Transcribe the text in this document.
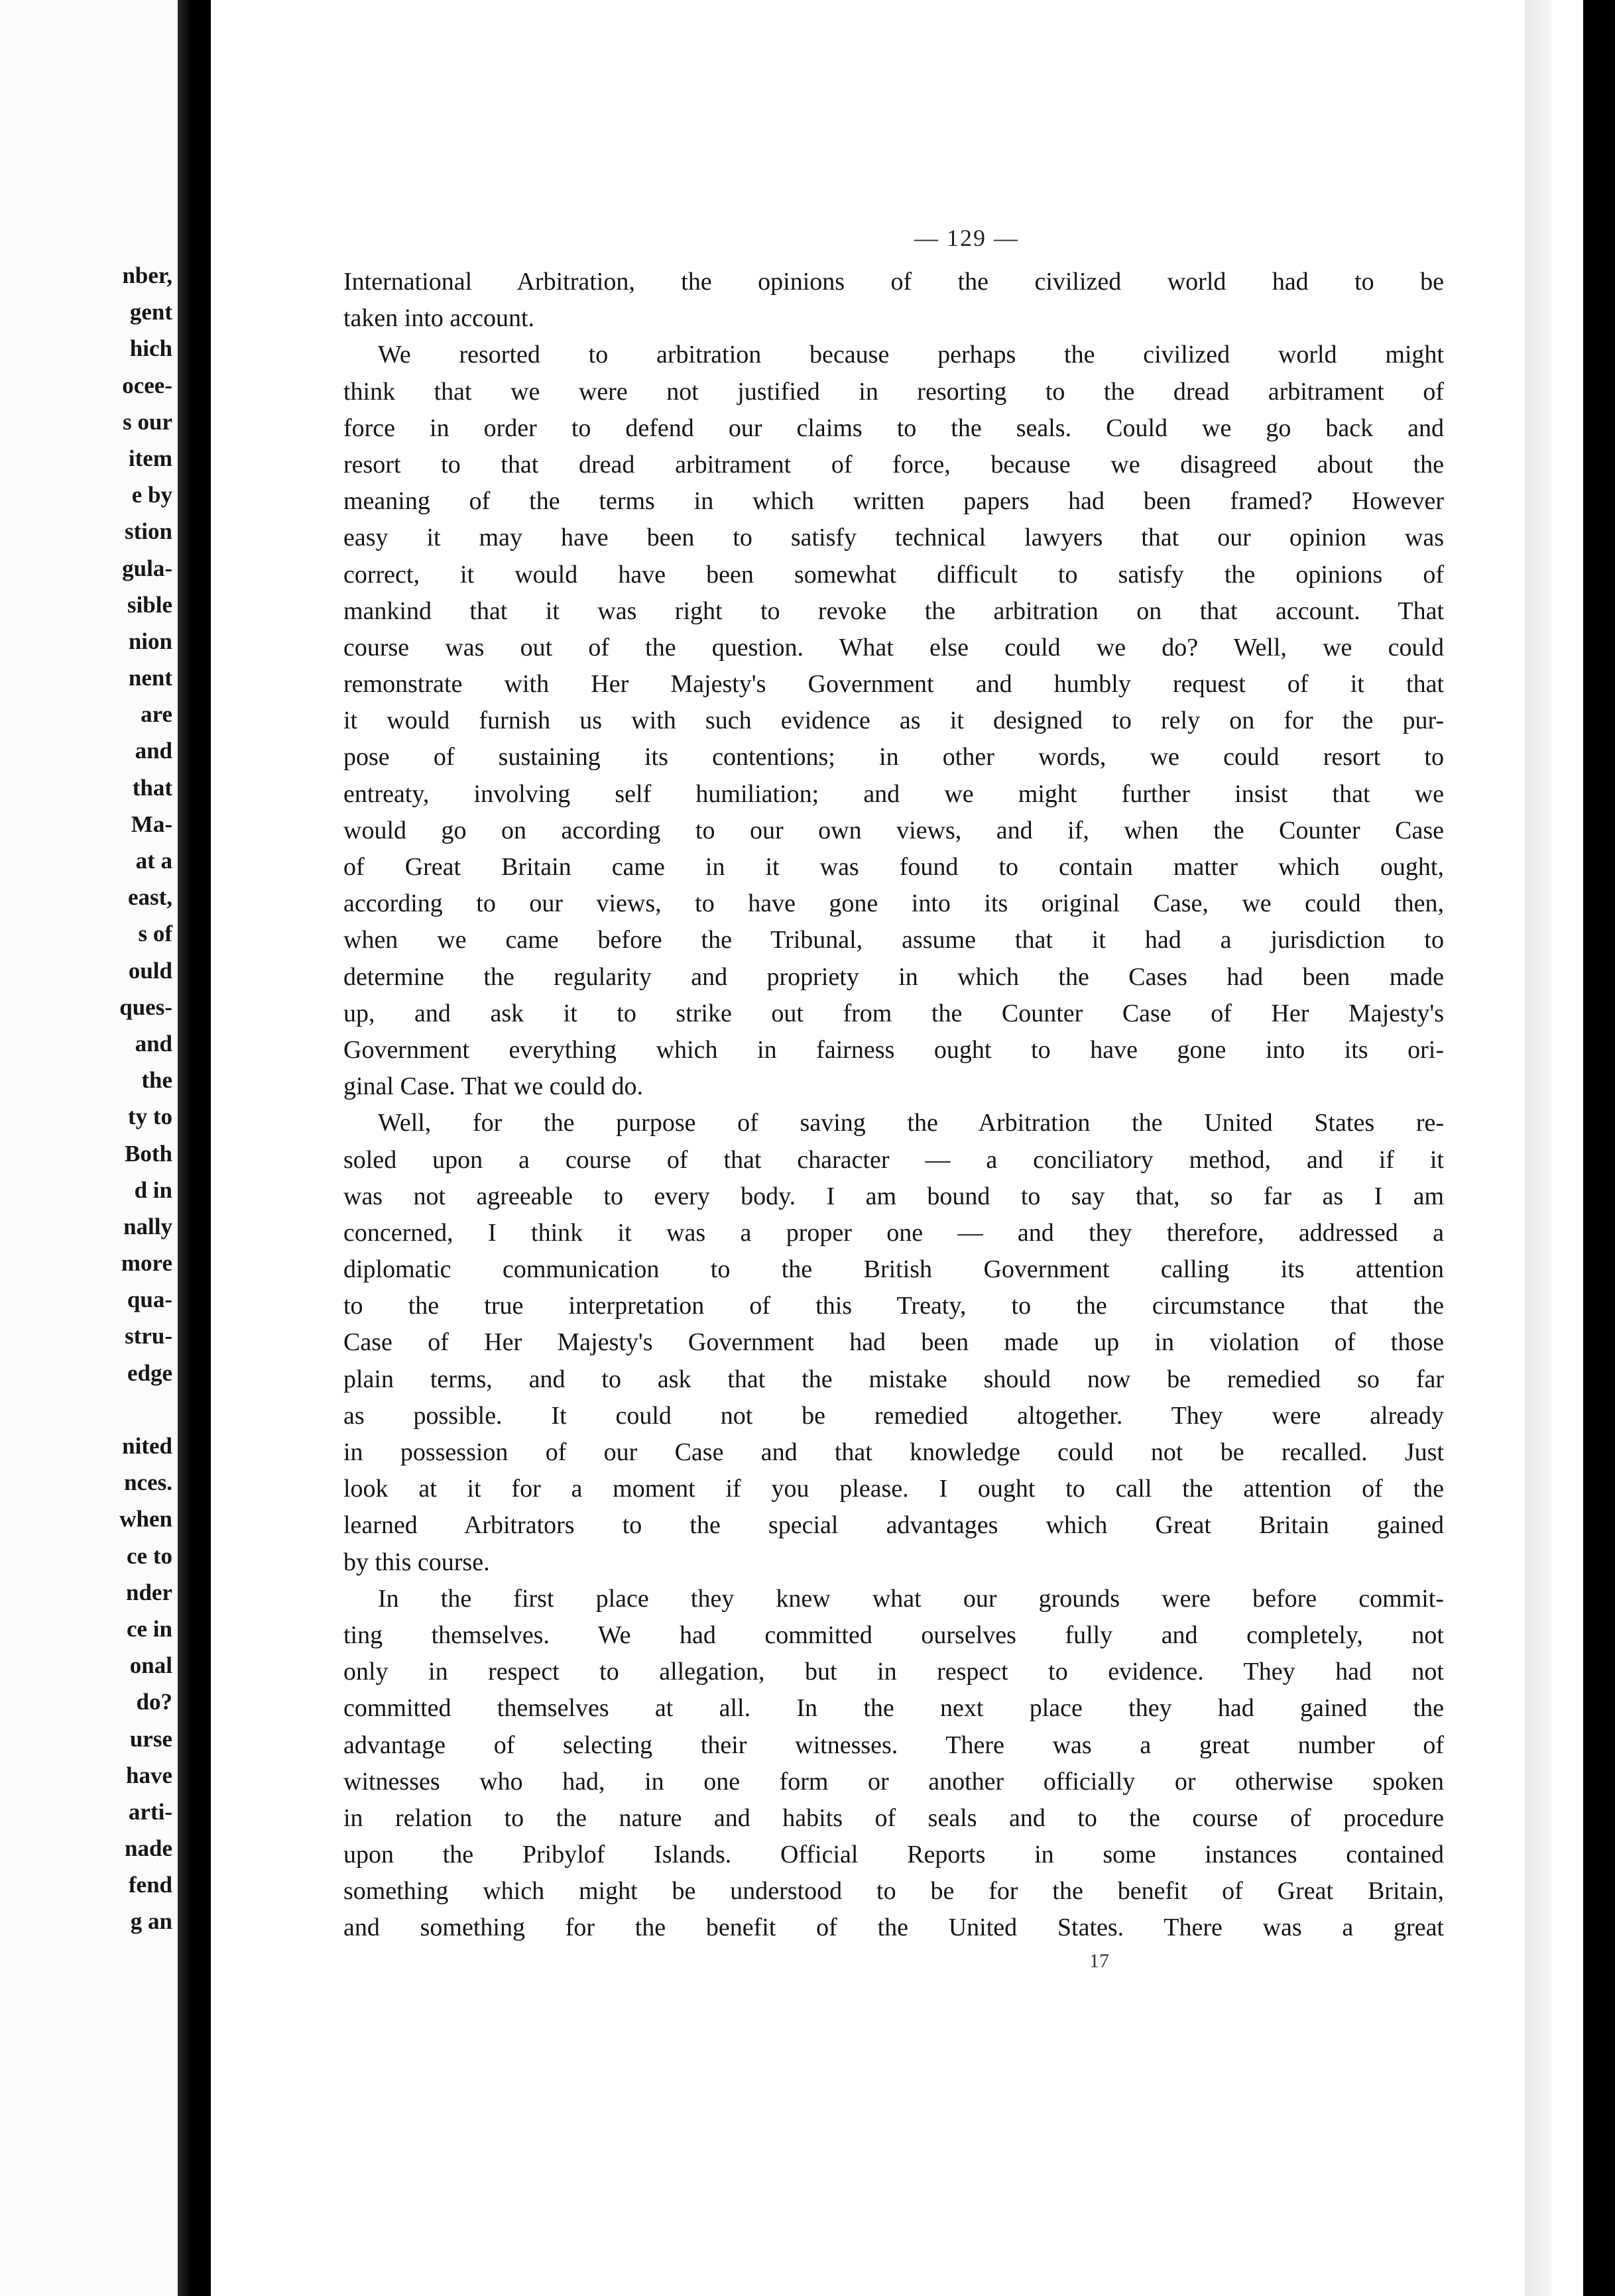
nber,
gent
hich
ocee-
s our
item
e by
stion
gula-
sible
nion
nent
are
and
that
Ma-
at a
east,
s of
ould
ques-
and
the
ty to
Both
d in
nally
more
qua-
stru-
edge
nited
nces.
when
ce to
nder
ce in
onal
do?
urse
have
arti-
nade
fend
g an
— 129 —
International Arbitration, the opinions of the civilized world had to be
taken into account.
We resorted to arbitration because perhaps the civilized world might
think that we were not justified in resorting to the dread arbitrament of
force in order to defend our claims to the seals. Could we go back and
resort to that dread arbitrament of force, because we disagreed about the
meaning of the terms in which written papers had been framed? However
easy it may have been to satisfy technical lawyers that our opinion was
correct, it would have been somewhat difficult to satisfy the opinions of
mankind that it was right to revoke the arbitration on that account. That
course was out of the question. What else could we do? Well, we could
remonstrate with Her Majesty's Government and humbly request of it that
it would furnish us with such evidence as it designed to rely on for the pur-
pose of sustaining its contentions; in other words, we could resort to
entreaty, involving self humiliation; and we might further insist that we
would go on according to our own views, and if, when the Counter Case
of Great Britain came in it was found to contain matter which ought,
according to our views, to have gone into its original Case, we could then,
when we came before the Tribunal, assume that it had a jurisdiction to
determine the regularity and propriety in which the Cases had been made
up, and ask it to strike out from the Counter Case of Her Majesty's
Government everything which in fairness ought to have gone into its ori-
ginal Case. That we could do.
Well, for the purpose of saving the Arbitration the United States re-
soled upon a course of that character — a conciliatory method, and if it
was not agreeable to every body. I am bound to say that, so far as I am
concerned, I think it was a proper one — and they therefore, addressed a
diplomatic communication to the British Government calling its attention
to the true interpretation of this Treaty, to the circumstance that the
Case of Her Majesty's Government had been made up in violation of those
plain terms, and to ask that the mistake should now be remedied so far
as possible. It could not be remedied altogether. They were already
in possession of our Case and that knowledge could not be recalled. Just
look at it for a moment if you please. I ought to call the attention of the
learned Arbitrators to the special advantages which Great Britain gained
by this course.
In the first place they knew what our grounds were before commit-
ting themselves. We had committed ourselves fully and completely, not
only in respect to allegation, but in respect to evidence. They had not
committed themselves at all. In the next place they had gained the
advantage of selecting their witnesses. There was a great number of
witnesses who had, in one form or another officially or otherwise spoken
in relation to the nature and habits of seals and to the course of procedure
upon the Pribylof Islands. Official Reports in some instances contained
something which might be understood to be for the benefit of Great Britain,
and something for the benefit of the United States. There was a great
17
